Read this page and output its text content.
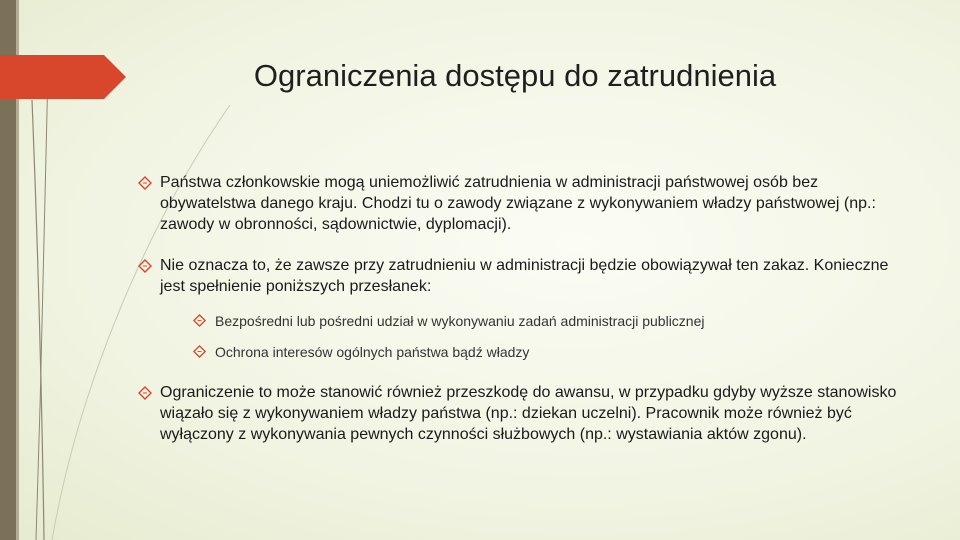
Ograniczenia dostępu do zatrudnienia
Państwa członkowskie mogą uniemożliwić zatrudnienia w administracji państwowej osób bez obywatelstwa danego kraju. Chodzi tu o zawody związane z wykonywaniem władzy państwowej (np.: zawody w obronności, sądownictwie, dyplomacji).
Nie oznacza to, że zawsze przy zatrudnieniu w administracji będzie obowiązywał ten zakaz. Konieczne jest spełnienie poniższych przesłanek:
Bezpośredni lub pośredni udział w wykonywaniu zadań administracji publicznej
Ochrona interesów ogólnych państwa bądź władzy
Ograniczenie to może stanowić również przeszkodę do awansu, w przypadku gdyby wyższe stanowisko wiązało się z wykonywaniem władzy państwa (np.: dziekan uczelni). Pracownik może również być wyłączony z wykonywania pewnych czynności służbowych (np.: wystawiania aktów zgonu).
